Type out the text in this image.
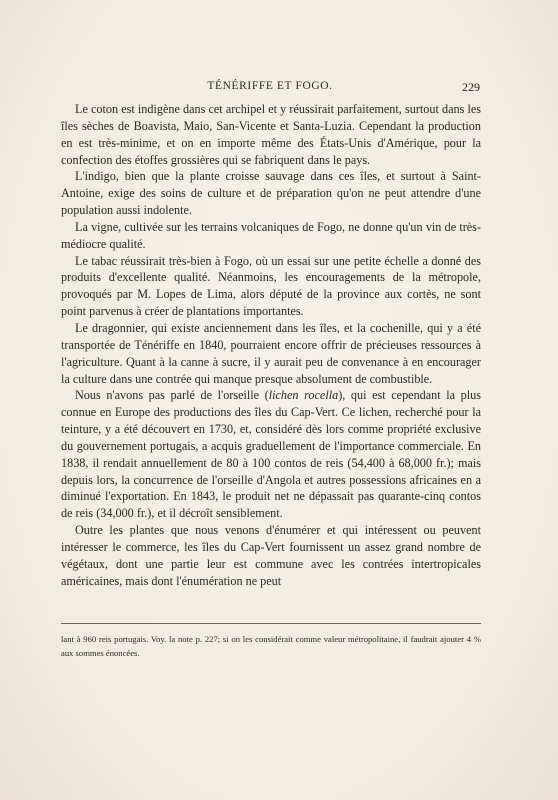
TÉNÉRIFFE ET FOGO.	229

Le coton est indigène dans cet archipel et y réussirait parfaitement, surtout dans les îles sèches de Boavista, Maio, San-Vicente et Santa-Luzia. Cependant la production en est très-minime, et on en importe même des États-Unis d'Amérique, pour la confection des étoffes grossières qui se fabriquent dans le pays.

L'indigo, bien que la plante croisse sauvage dans ces îles, et surtout à Saint-Antoine, exige des soins de culture et de préparation qu'on ne peut attendre d'une population aussi indolente.

La vigne, cultivée sur les terrains volcaniques de Fogo, ne donne qu'un vin de très-médiocre qualité.

Le tabac réussirait très-bien à Fogo, où un essai sur une petite échelle a donné des produits d'excellente qualité. Néanmoins, les encouragements de la métropole, provoqués par M. Lopes de Lima, alors député de la province aux cortès, ne sont point parvenus à créer de plantations importantes.

Le dragonnier, qui existe anciennement dans les îles, et la cochenille, qui y a été transportée de Ténériffe en 1840, pourraient encore offrir de précieuses ressources à l'agriculture. Quant à la canne à sucre, il y aurait peu de convenance à en encourager la culture dans une contrée qui manque presque absolument de combustible.

Nous n'avons pas parlé de l'orseille (lichen rocella), qui est cependant la plus connue en Europe des productions des îles du Cap-Vert. Ce lichen, recherché pour la teinture, y a été découvert en 1730, et, considéré dès lors comme propriété exclusive du gouvernement portugais, a acquis graduellement de l'importance commerciale. En 1838, il rendait annuellement de 80 à 100 contos de reis (54,400 à 68,000 fr.); mais depuis lors, la concurrence de l'orseille d'Angola et autres possessions africaines en a diminué l'exportation. En 1843, le produit net ne dépassait pas quarante-cinq contos de reis (34,000 fr.), et il décroît sensiblement.

Outre les plantes que nous venons d'énumérer et qui intéressent ou peuvent intéresser le commerce, les îles du Cap-Vert fournissent un assez grand nombre de végétaux, dont une partie leur est commune avec les contrées intertropicales américaines, mais dont l'énumération ne peut

lant à 960 reis portugais. Voy. la note p. 227; si on les considérait comme valeur métropolitaine, il faudrait ajouter 4 % aux sommes énoncées.
